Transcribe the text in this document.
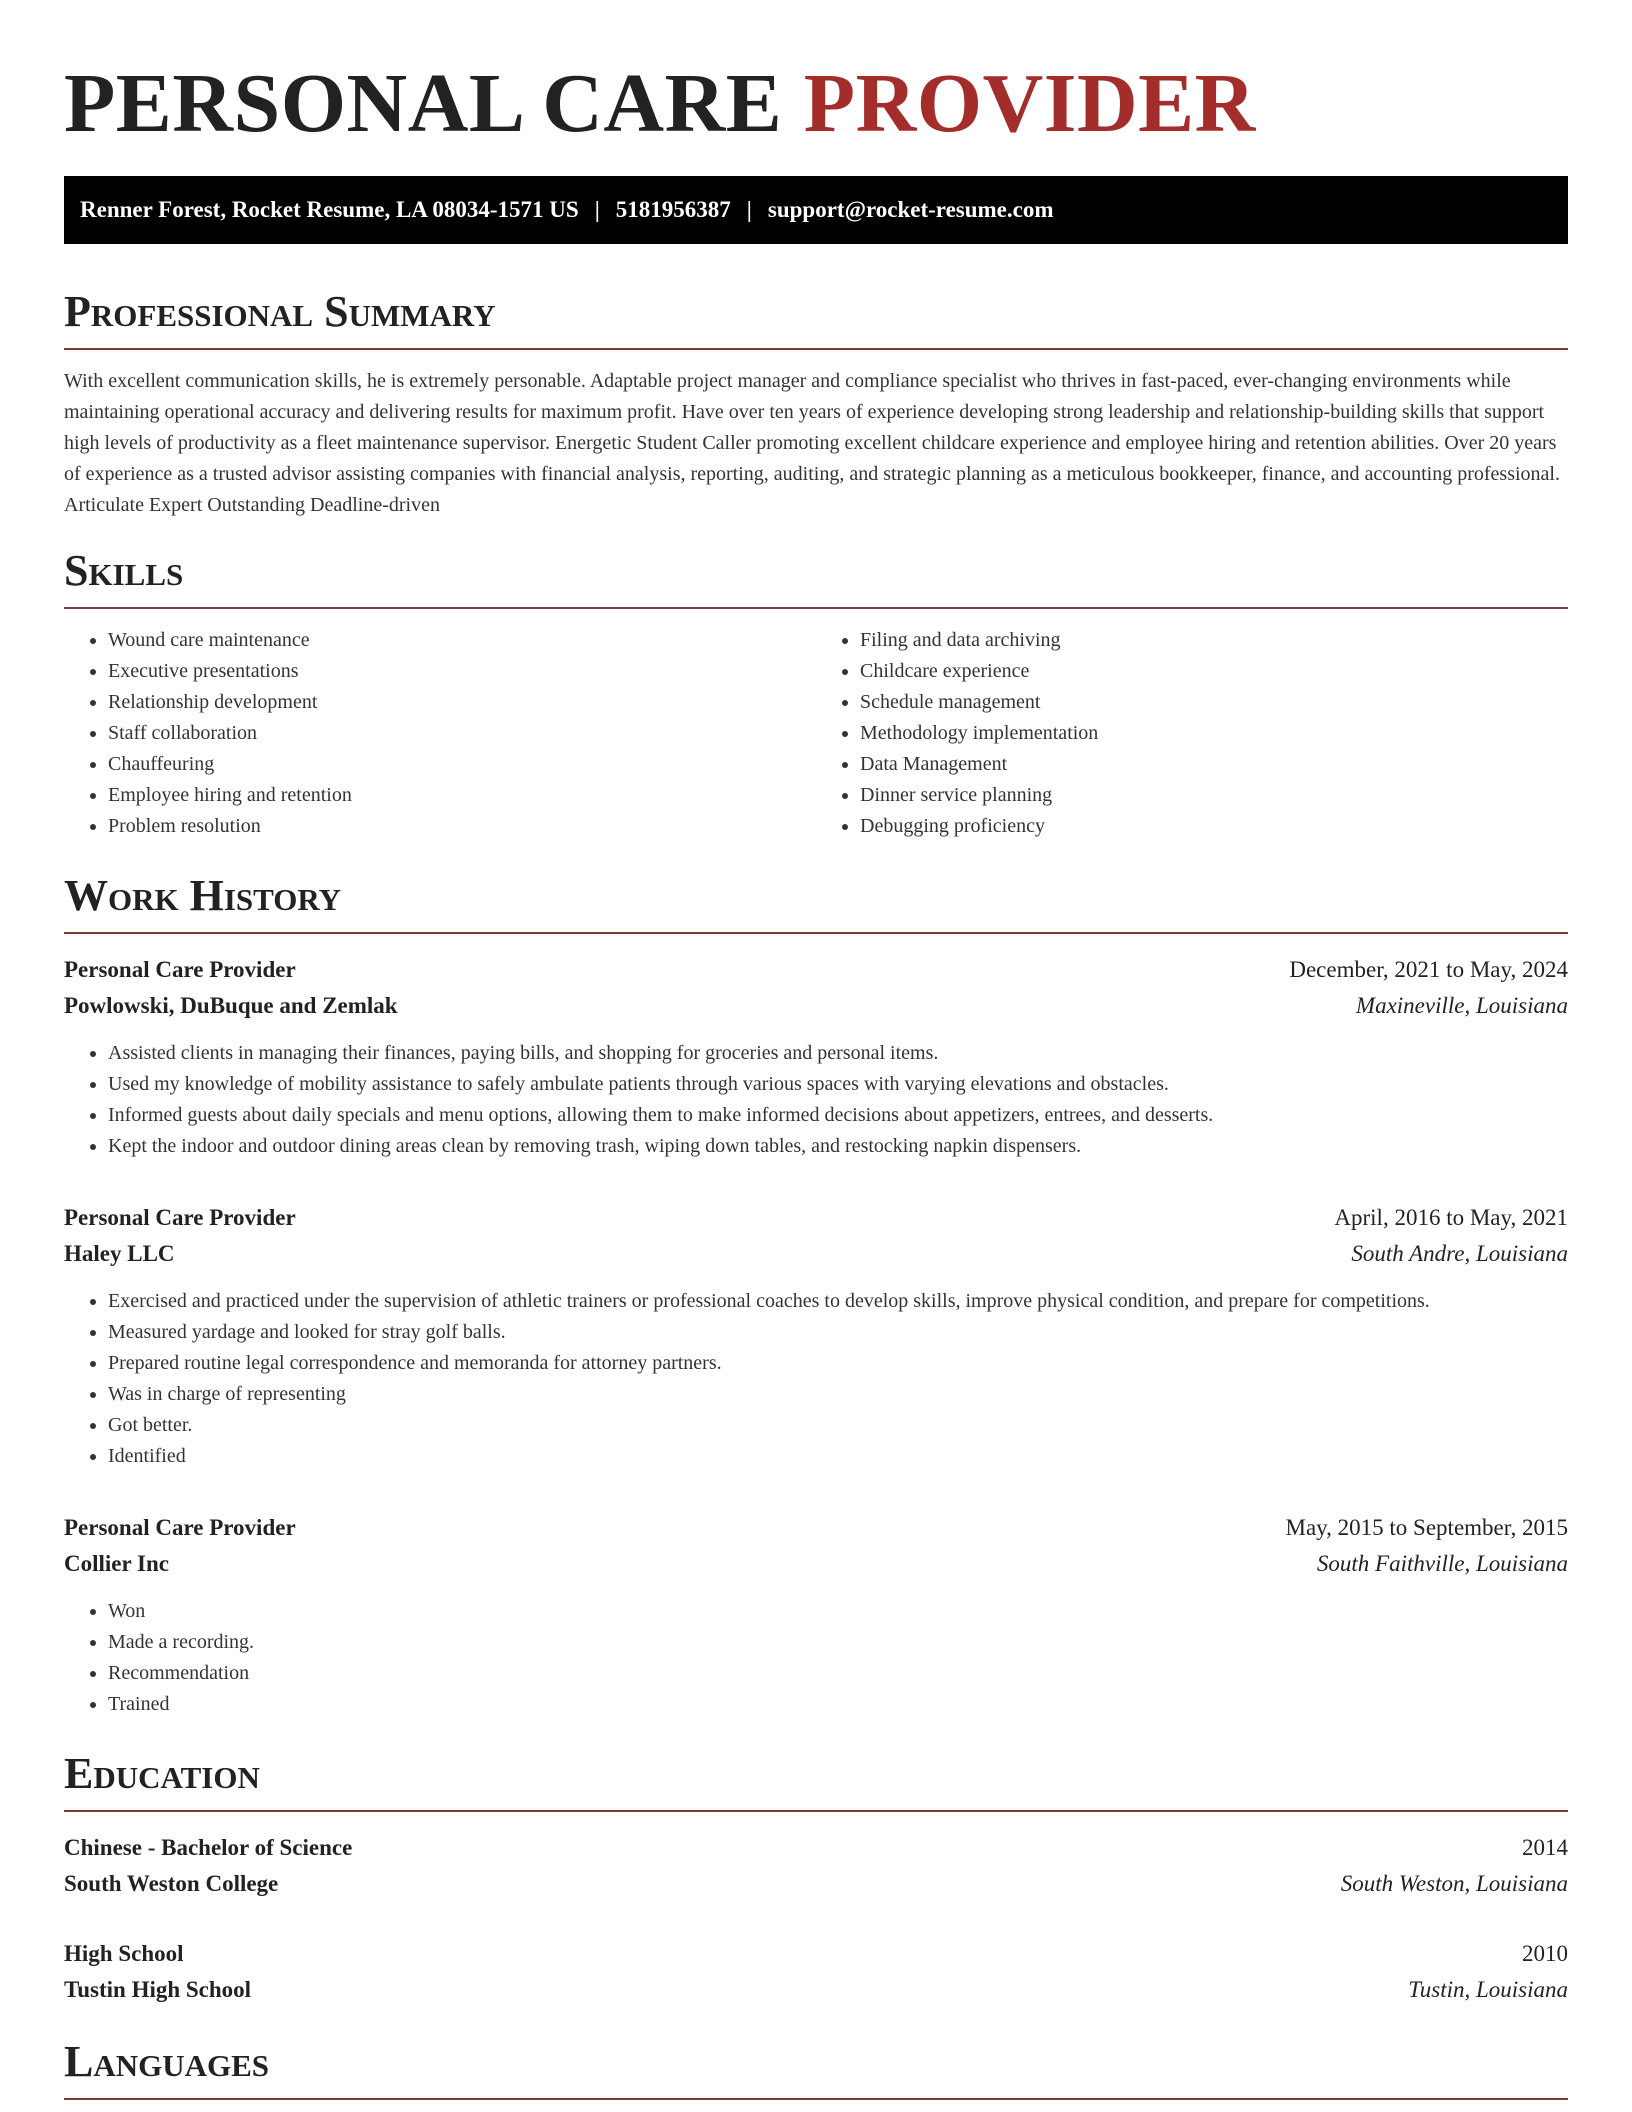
PERSONAL CARE PROVIDER
Renner Forest, Rocket Resume, LA 08034-1571 US | 5181956387 | support@rocket-resume.com
Professional Summary

With excellent communication skills, he is extremely personable. Adaptable project manager and compliance specialist who thrives in fast-paced, ever-changing environments while maintaining operational accuracy and delivering results for maximum profit. Have over ten years of experience developing strong leadership and relationship-building skills that support high levels of productivity as a fleet maintenance supervisor. Energetic Student Caller promoting excellent childcare experience and employee hiring and retention abilities. Over 20 years of experience as a trusted advisor assisting companies with financial analysis, reporting, auditing, and strategic planning as a meticulous bookkeeper, finance, and accounting professional. Articulate Expert Outstanding Deadline-driven

Skills
• Wound care maintenance
• Executive presentations
• Relationship development
• Staff collaboration
• Chauffeuring
• Employee hiring and retention
• Problem resolution
• Filing and data archiving
• Childcare experience
• Schedule management
• Methodology implementation
• Data Management
• Dinner service planning
• Debugging proficiency
Work History
Personal Care Provider	December, 2021 to May, 2024
Powlowski, DuBuque and Zemlak	Maxineville, Louisiana
• Assisted clients in managing their finances, paying bills, and shopping for groceries and personal items.
• Used my knowledge of mobility assistance to safely ambulate patients through various spaces with varying elevations and obstacles.
• Informed guests about daily specials and menu options, allowing them to make informed decisions about appetizers, entrees, and desserts.
• Kept the indoor and outdoor dining areas clean by removing trash, wiping down tables, and restocking napkin dispensers.
Personal Care Provider	April, 2016 to May, 2021
Haley LLC	South Andre, Louisiana
• Exercised and practiced under the supervision of athletic trainers or professional coaches to develop skills, improve physical condition, and prepare for competitions.
• Measured yardage and looked for stray golf balls.
• Prepared routine legal correspondence and memoranda for attorney partners.
• Was in charge of representing
• Got better.
• Identified
Personal Care Provider	May, 2015 to September, 2015
Collier Inc	South Faithville, Louisiana
• Won
• Made a recording.
• Recommendation
• Trained
Education
Chinese - Bachelor of Science	2014
South Weston College	South Weston, Louisiana
High School	2010
Tustin High School	Tustin, Louisiana
Languages
